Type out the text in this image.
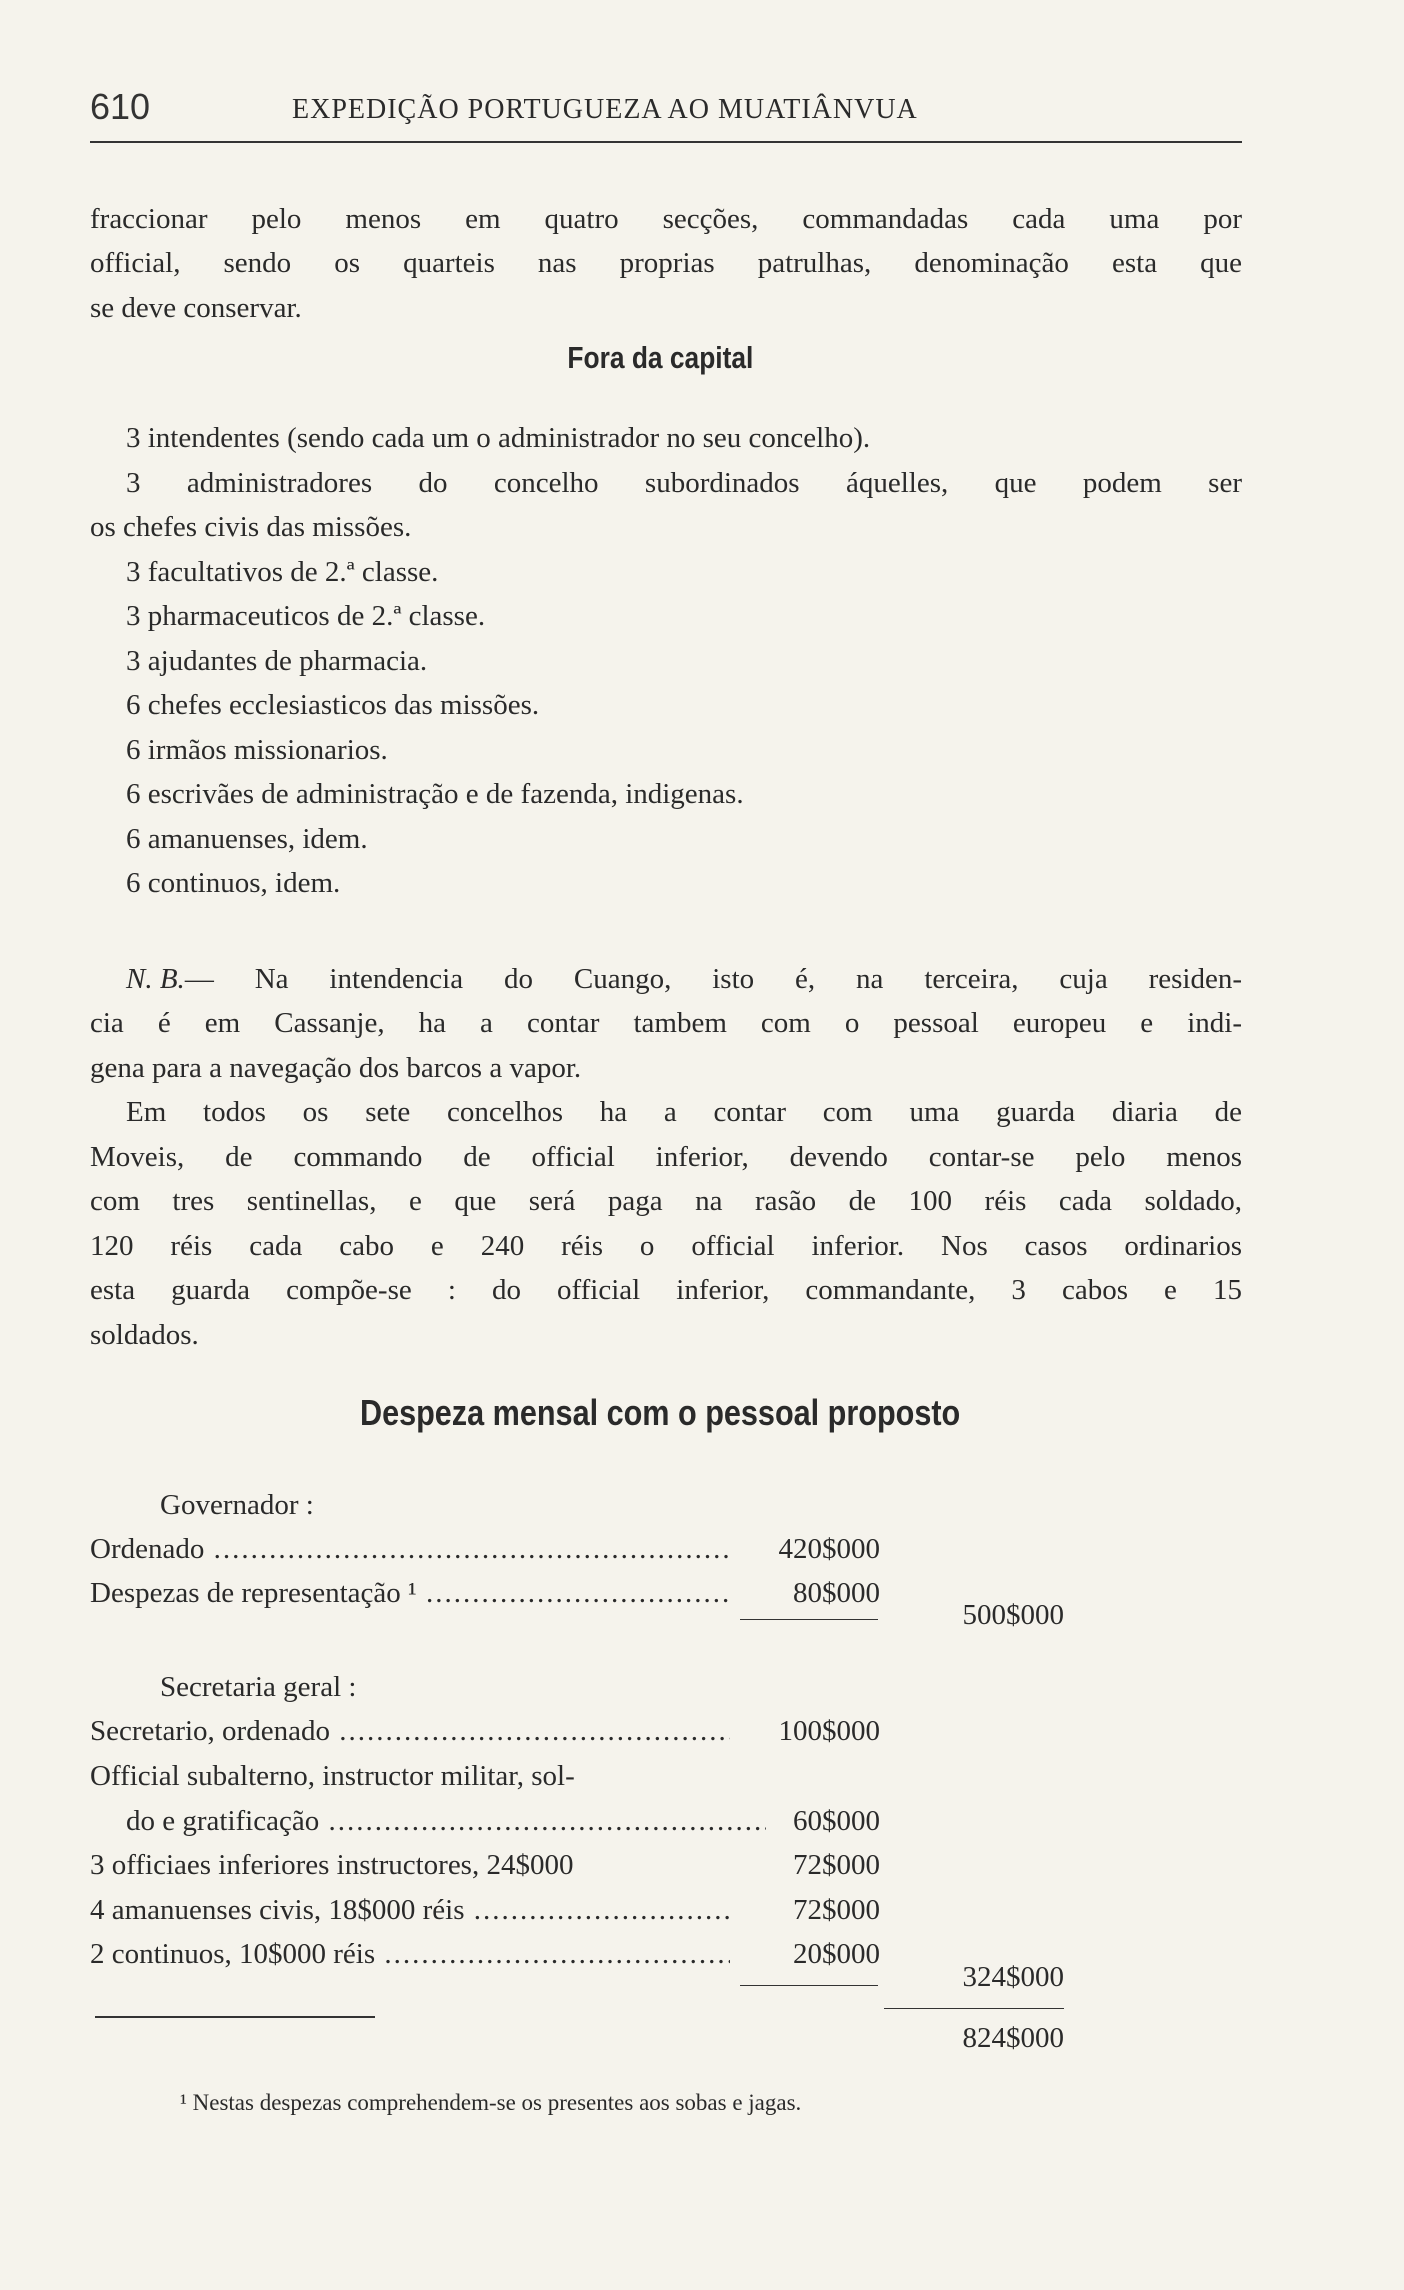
610	EXPEDIÇÃO PORTUGUEZA AO MUATIÂNVUA
fraccionar pelo menos em quatro secções, commandadas cada uma por
official, sendo os quarteis nas proprias patrulhas, denominação esta que
se deve conservar.
Fora da capital
3 intendentes (sendo cada um o administrador no seu concelho).
3 administradores do concelho subordinados áquelles, que podem ser
os chefes civis das missões.
3 facultativos de 2.ª classe.
3 pharmaceuticos de 2.ª classe.
3 ajudantes de pharmacia.
6 chefes ecclesiasticos das missões.
6 irmãos missionarios.
6 escrivães de administração e de fazenda, indigenas.
6 amanuenses, idem.
6 continuos, idem.
N. B. — Na intendencia do Cuango, isto é, na terceira, cuja residen-
cia é em Cassanje, ha a contar tambem com o pessoal europeu e indi-
gena para a navegação dos barcos a vapor.
Em todos os sete concelhos ha a contar com uma guarda diaria de
Moveis, de commando de official inferior, devendo contar-se pelo menos
com tres sentinellas, e que será paga na rasão de 100 réis cada soldado,
120 réis cada cabo e 240 réis o official inferior. Nos casos ordinarios
esta guarda compõe-se : do official inferior, commandante, 3 cabos e 15
soldados.
Despeza mensal com o pessoal proposto
Governador :
Ordenado .....	420$000
Despezas de representação ¹ .....	80$000
500$000
Secretaria geral :
Secretario, ordenado .....	100$000
Official subalterno, instructor militar, sol-
do e gratificação .....	60$000
3 officiaes inferiores instructores, 24$000	72$000
4 amanuenses civis, 18$000 réis .....	72$000
2 continuos, 10$000 réis .....	20$000
324$000
824$000
¹ Nestas despezas comprehendem-se os presentes aos sobas e jagas.
